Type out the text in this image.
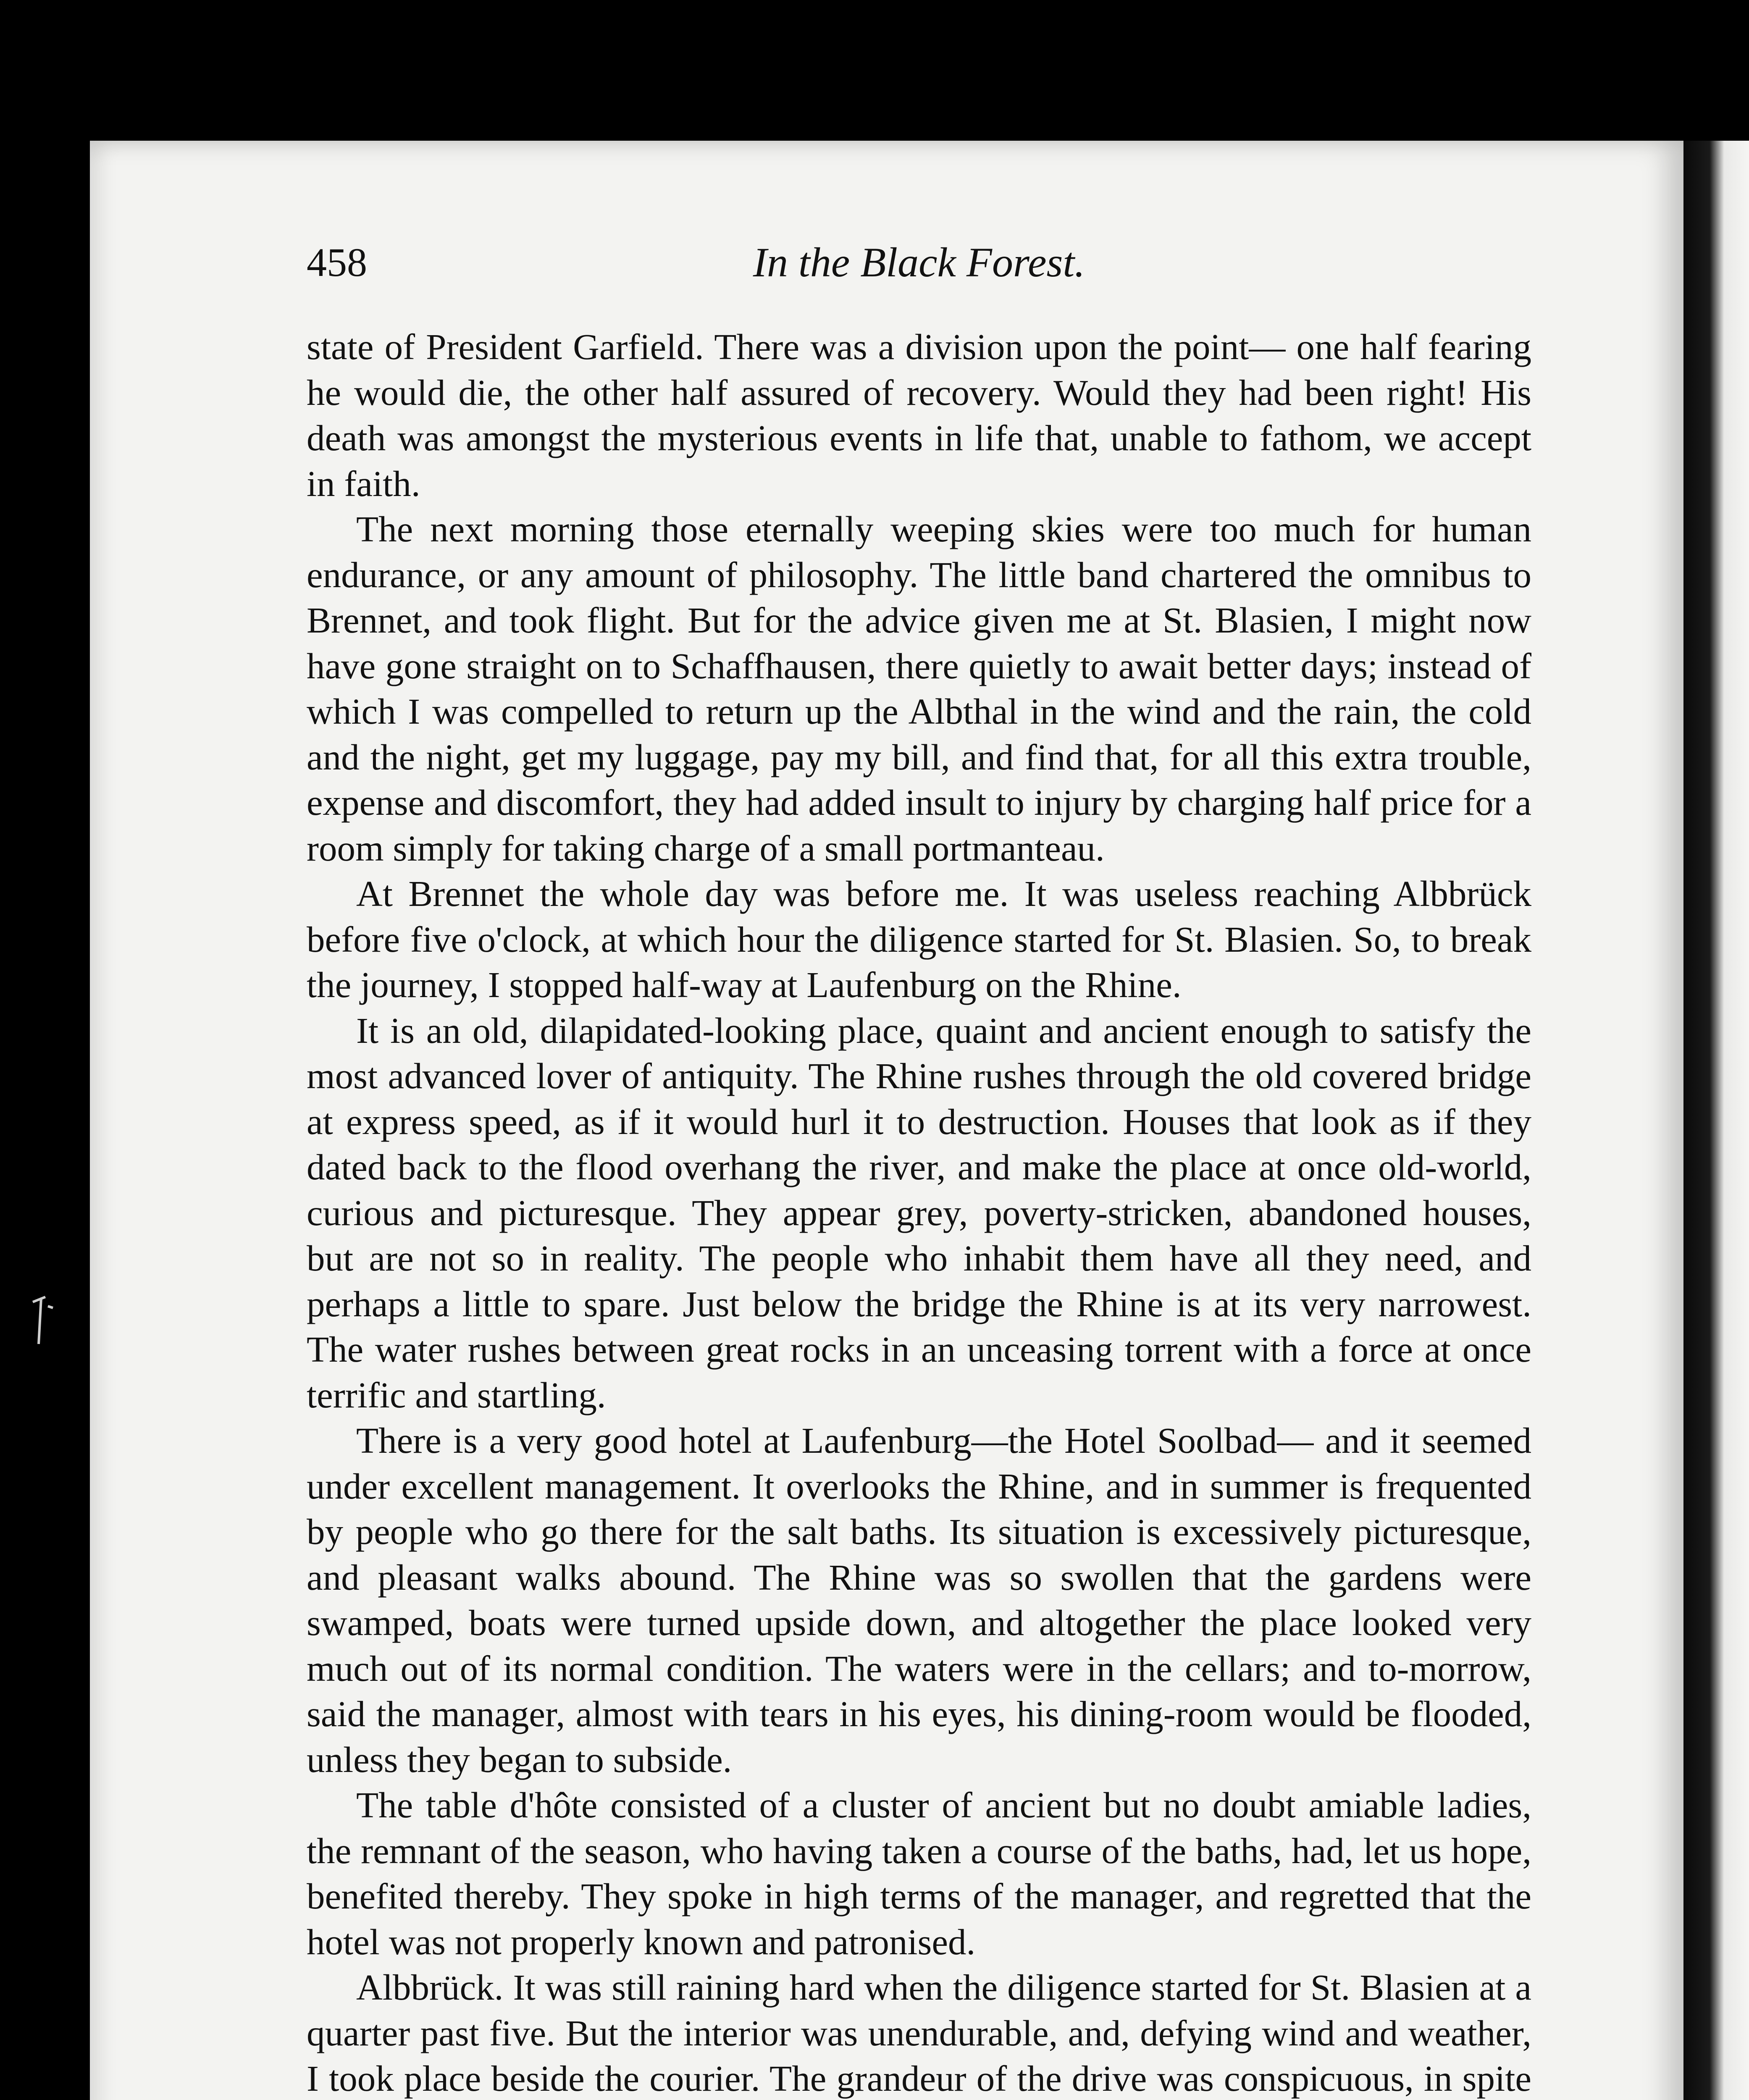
458	In the Black Forest.

state of President Garfield. There was a division upon the point— one half fearing he would die, the other half assured of recovery. Would they had been right! His death was amongst the mysterious events in life that, unable to fathom, we accept in faith.

The next morning those eternally weeping skies were too much for human endurance, or any amount of philosophy. The little band chartered the omnibus to Brennet, and took flight. But for the advice given me at St. Blasien, I might now have gone straight on to Schaffhausen, there quietly to await better days; instead of which I was compelled to return up the Albthal in the wind and the rain, the cold and the night, get my luggage, pay my bill, and find that, for all this extra trouble, expense and discomfort, they had added insult to injury by charging half price for a room simply for taking charge of a small portmanteau.

At Brennet the whole day was before me. It was useless reaching Albbrück before five o'clock, at which hour the diligence started for St. Blasien. So, to break the journey, I stopped half-way at Laufenburg on the Rhine.

It is an old, dilapidated-looking place, quaint and ancient enough to satisfy the most advanced lover of antiquity. The Rhine rushes through the old covered bridge at express speed, as if it would hurl it to destruction. Houses that look as if they dated back to the flood overhang the river, and make the place at once old-world, curious and picturesque. They appear grey, poverty-stricken, abandoned houses, but are not so in reality. The people who inhabit them have all they need, and perhaps a little to spare. Just below the bridge the Rhine is at its very narrowest. The water rushes between great rocks in an unceasing torrent with a force at once terrific and startling.

There is a very good hotel at Laufenburg—the Hotel Soolbad— and it seemed under excellent management. It overlooks the Rhine, and in summer is frequented by people who go there for the salt baths. Its situation is excessively picturesque, and pleasant walks abound. The Rhine was so swollen that the gardens were swamped, boats were turned upside down, and altogether the place looked very much out of its normal condition. The waters were in the cellars; and to-morrow, said the manager, almost with tears in his eyes, his dining-room would be flooded, unless they began to subside.

The table d'hôte consisted of a cluster of ancient but no doubt amiable ladies, the remnant of the season, who having taken a course of the baths, had, let us hope, benefited thereby. They spoke in high terms of the manager, and regretted that the hotel was not properly known and patronised.

Albbrück. It was still raining hard when the diligence started for St. Blasien at a quarter past five. But the interior was unendurable, and, defying wind and weather, I took place beside the courier. The grandeur of the drive was conspicuous, in spite
